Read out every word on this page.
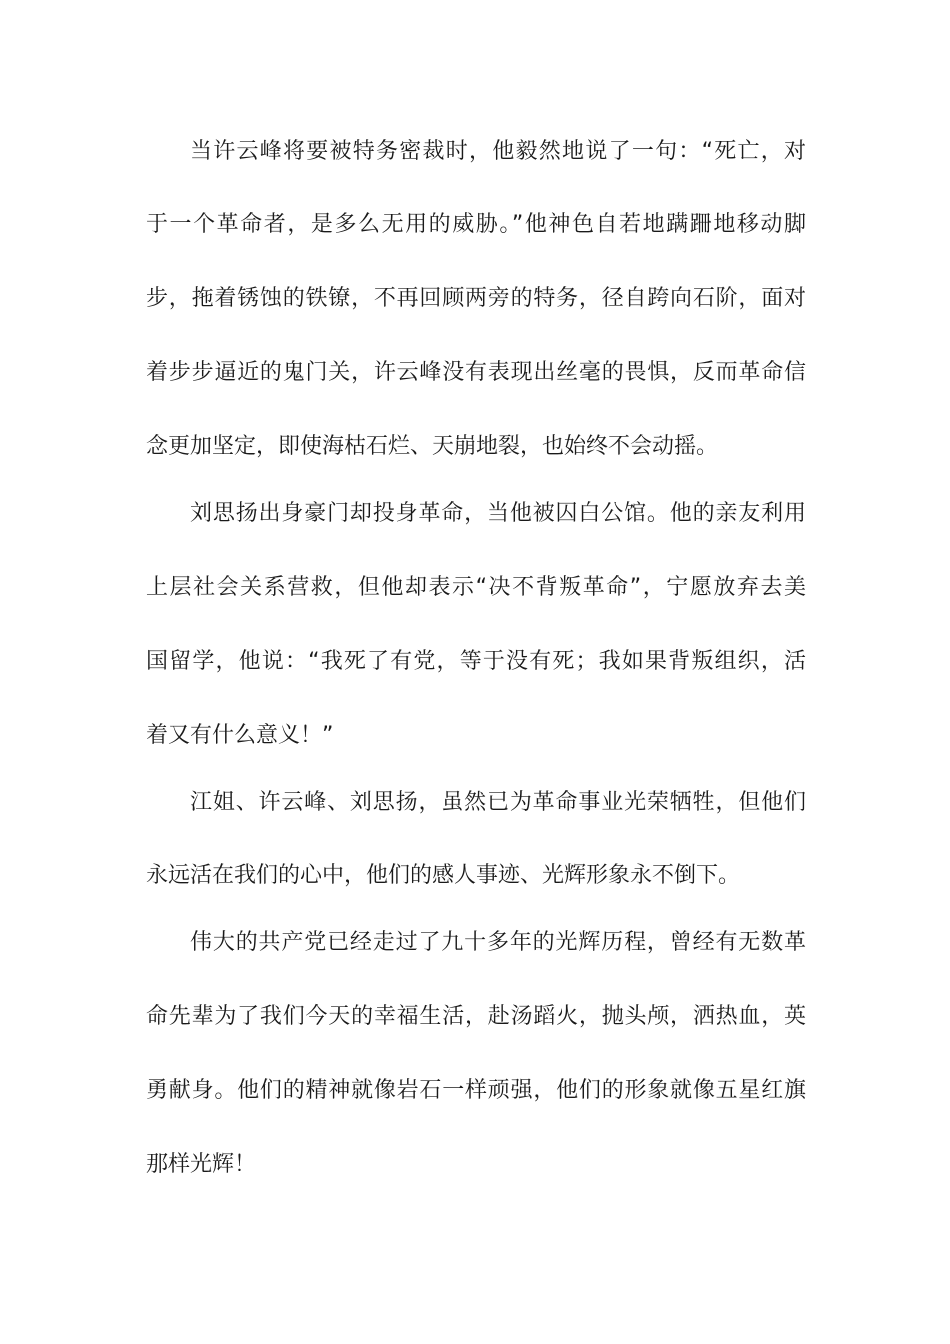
当许云峰将要被特务密裁时，他毅然地说了一句：“死亡，对
于一个革命者，是多么无用的威胁。”他神色自若地蹒跚地移动脚
步，拖着锈蚀的铁镣，不再回顾两旁的特务，径自跨向石阶，面对
着步步逼近的鬼门关，许云峰没有表现出丝毫的畏惧，反而革命信
念更加坚定，即使海枯石烂、天崩地裂，也始终不会动摇。
刘思扬出身豪门却投身革命，当他被囚白公馆。他的亲友利用
上层社会关系营救，但他却表示“决不背叛革命”，宁愿放弃去美
国留学，他说：“我死了有党，等于没有死；我如果背叛组织，活
着又有什么意义！”
江姐、许云峰、刘思扬，虽然已为革命事业光荣牺牲，但他们
永远活在我们的心中，他们的感人事迹、光辉形象永不倒下。
伟大的共产党已经走过了九十多年的光辉历程，曾经有无数革
命先辈为了我们今天的幸福生活，赴汤蹈火，抛头颅，洒热血，英
勇献身。他们的精神就像岩石一样顽强，他们的形象就像五星红旗
那样光辉！
